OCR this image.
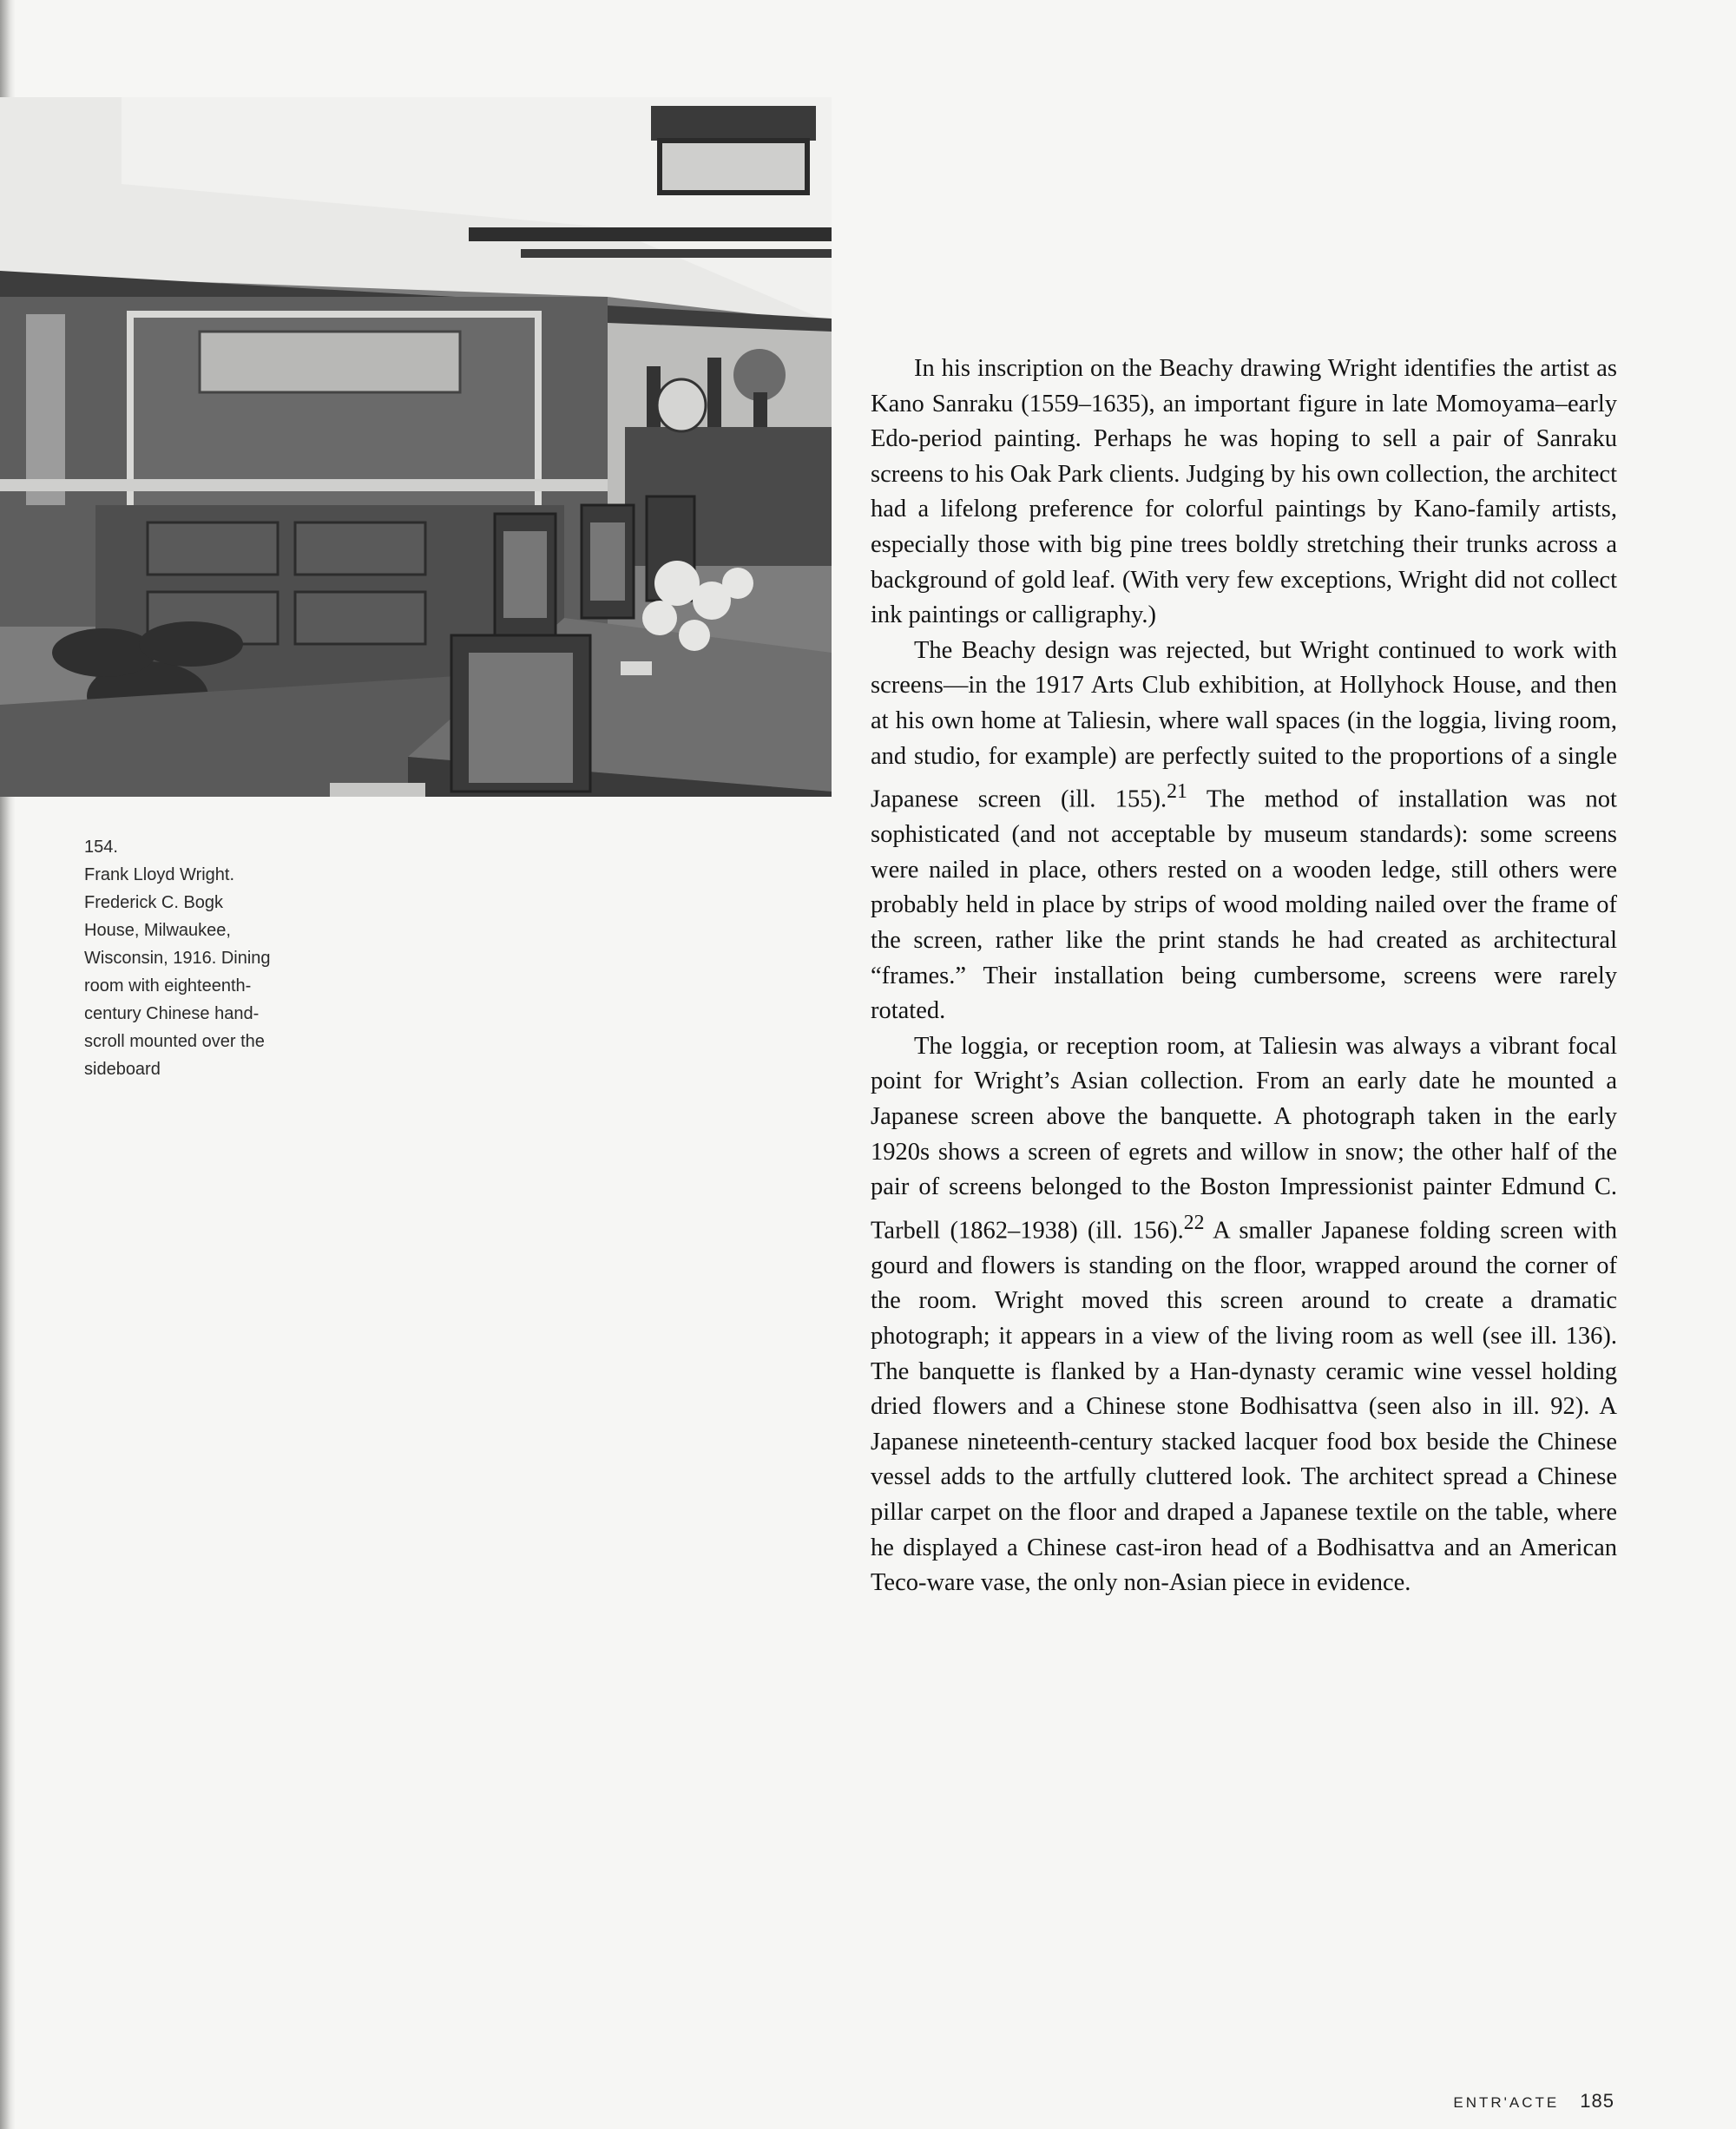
154.
Frank Lloyd Wright.
Frederick C. Bogk
House, Milwaukee,
Wisconsin, 1916. Dining
room with eighteenth-
century Chinese hand-
scroll mounted over the
sideboard

In his inscription on the Beachy drawing Wright identifies the artist as Kano Sanraku (1559–1635), an important figure in late Momoyama–early Edo-period painting. Perhaps he was hoping to sell a pair of Sanraku screens to his Oak Park clients. Judging by his own collection, the architect had a lifelong preference for colorful paintings by Kano-family artists, especially those with big pine trees boldly stretching their trunks across a background of gold leaf. (With very few exceptions, Wright did not collect ink paintings or calligraphy.)

The Beachy design was rejected, but Wright continued to work with screens—in the 1917 Arts Club exhibition, at Hollyhock House, and then at his own home at Taliesin, where wall spaces (in the loggia, living room, and studio, for example) are perfectly suited to the proportions of a single Japanese screen (ill. 155).$^{21}$ The method of installation was not sophisticated (and not acceptable by museum standards): some screens were nailed in place, others rested on a wooden ledge, still others were probably held in place by strips of wood molding nailed over the frame of the screen, rather like the print stands he had created as architectural “frames.” Their installation being cumbersome, screens were rarely rotated.

The loggia, or reception room, at Taliesin was always a vibrant focal point for Wright’s Asian collection. From an early date he mounted a Japanese screen above the banquette. A photograph taken in the early 1920s shows a screen of egrets and willow in snow; the other half of the pair of screens belonged to the Boston Impressionist painter Edmund C. Tarbell (1862–1938) (ill. 156).$^{22}$ A smaller Japanese folding screen with gourd and flowers is standing on the floor, wrapped around the corner of the room. Wright moved this screen around to create a dramatic photograph; it appears in a view of the living room as well (see ill. 136). The banquette is flanked by a Han-dynasty ceramic wine vessel holding dried flowers and a Chinese stone Bodhisattva (seen also in ill. 92). A Japanese nineteenth-century stacked lacquer food box beside the Chinese vessel adds to the artfully cluttered look. The architect spread a Chinese pillar carpet on the floor and draped a Japanese textile on the table, where he displayed a Chinese cast-iron head of a Bodhisattva and an American Teco-ware vase, the only non-Asian piece in evidence.

ENTR'ACTE 185
